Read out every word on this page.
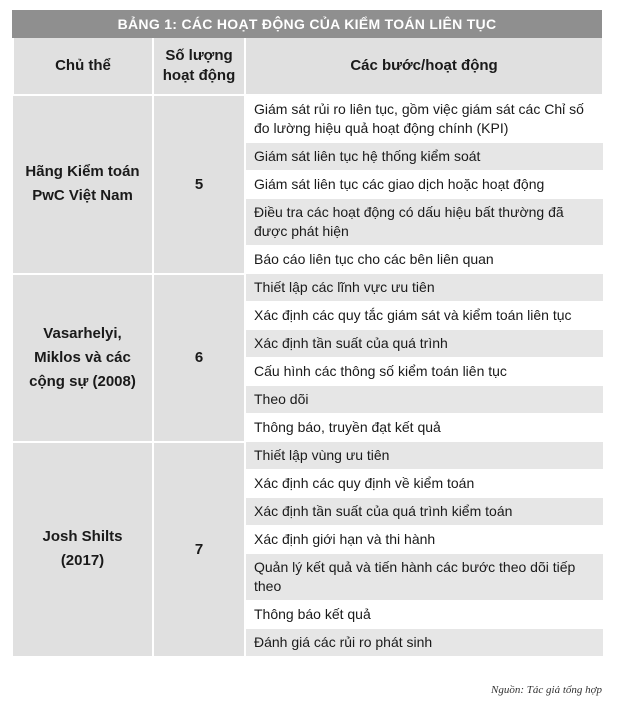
BẢNG 1: CÁC HOẠT ĐỘNG CỦA KIỂM TOÁN LIÊN TỤC
Chủ thể	Số lượng hoạt động	Các bước/hoạt động
Hãng Kiểm toán PwC Việt Nam	5	Giám sát rủi ro liên tục, gồm việc giám sát các Chỉ số đo lường hiệu quả hoạt động chính (KPI)
		Giám sát liên tục hệ thống kiểm soát
		Giám sát liên tục các giao dịch hoặc hoạt động
		Điều tra các hoạt động có dấu hiệu bất thường đã được phát hiện
		Báo cáo liên tục cho các bên liên quan
Vasarhelyi, Miklos và các cộng sự (2008)	6	Thiết lập các lĩnh vực ưu tiên
		Xác định các quy tắc giám sát và kiểm toán liên tục
		Xác định tần suất của quá trình
		Cấu hình các thông số kiểm toán liên tục
		Theo dõi
		Thông báo, truyền đạt kết quả
Josh Shilts (2017)	7	Thiết lập vùng ưu tiên
		Xác định các quy định về kiểm toán
		Xác định tần suất của quá trình kiểm toán
		Xác định giới hạn và thi hành
		Quản lý kết quả và tiến hành các bước theo dõi tiếp theo
		Thông báo kết quả
		Đánh giá các rủi ro phát sinh
Nguồn: Tác giả tổng hợp
